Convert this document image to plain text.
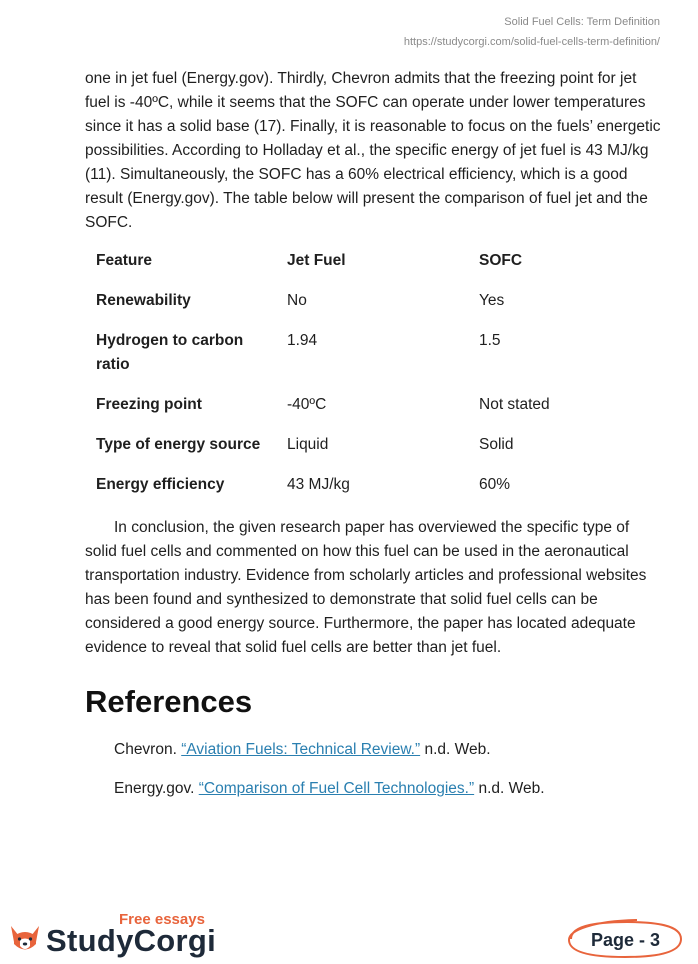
Solid Fuel Cells: Term Definition
https://studycorgi.com/solid-fuel-cells-term-definition/

one in jet fuel (Energy.gov). Thirdly, Chevron admits that the freezing point for jet fuel is -40ºC, while it seems that the SOFC can operate under lower temperatures since it has a solid base (17). Finally, it is reasonable to focus on the fuels’ energetic possibilities. According to Holladay et al., the specific energy of jet fuel is 43 MJ/kg (11). Simultaneously, the SOFC has a 60% electrical efficiency, which is a good result (Energy.gov). The table below will present the comparison of fuel jet and the SOFC.

Feature	Jet Fuel	SOFC
Renewability	No	Yes
Hydrogen to carbon ratio	1.94	1.5
Freezing point	-40ºC	Not stated
Type of energy source	Liquid	Solid
Energy efficiency	43 MJ/kg	60%

In conclusion, the given research paper has overviewed the specific type of solid fuel cells and commented on how this fuel can be used in the aeronautical transportation industry. Evidence from scholarly articles and professional websites has been found and synthesized to demonstrate that solid fuel cells can be considered a good energy source. Furthermore, the paper has located adequate evidence to reveal that solid fuel cells are better than jet fuel.

References

Chevron. “Aviation Fuels: Technical Review.” n.d. Web.

Energy.gov. “Comparison of Fuel Cell Technologies.” n.d. Web.

Free essays
StudyCorgi	Page - 3
